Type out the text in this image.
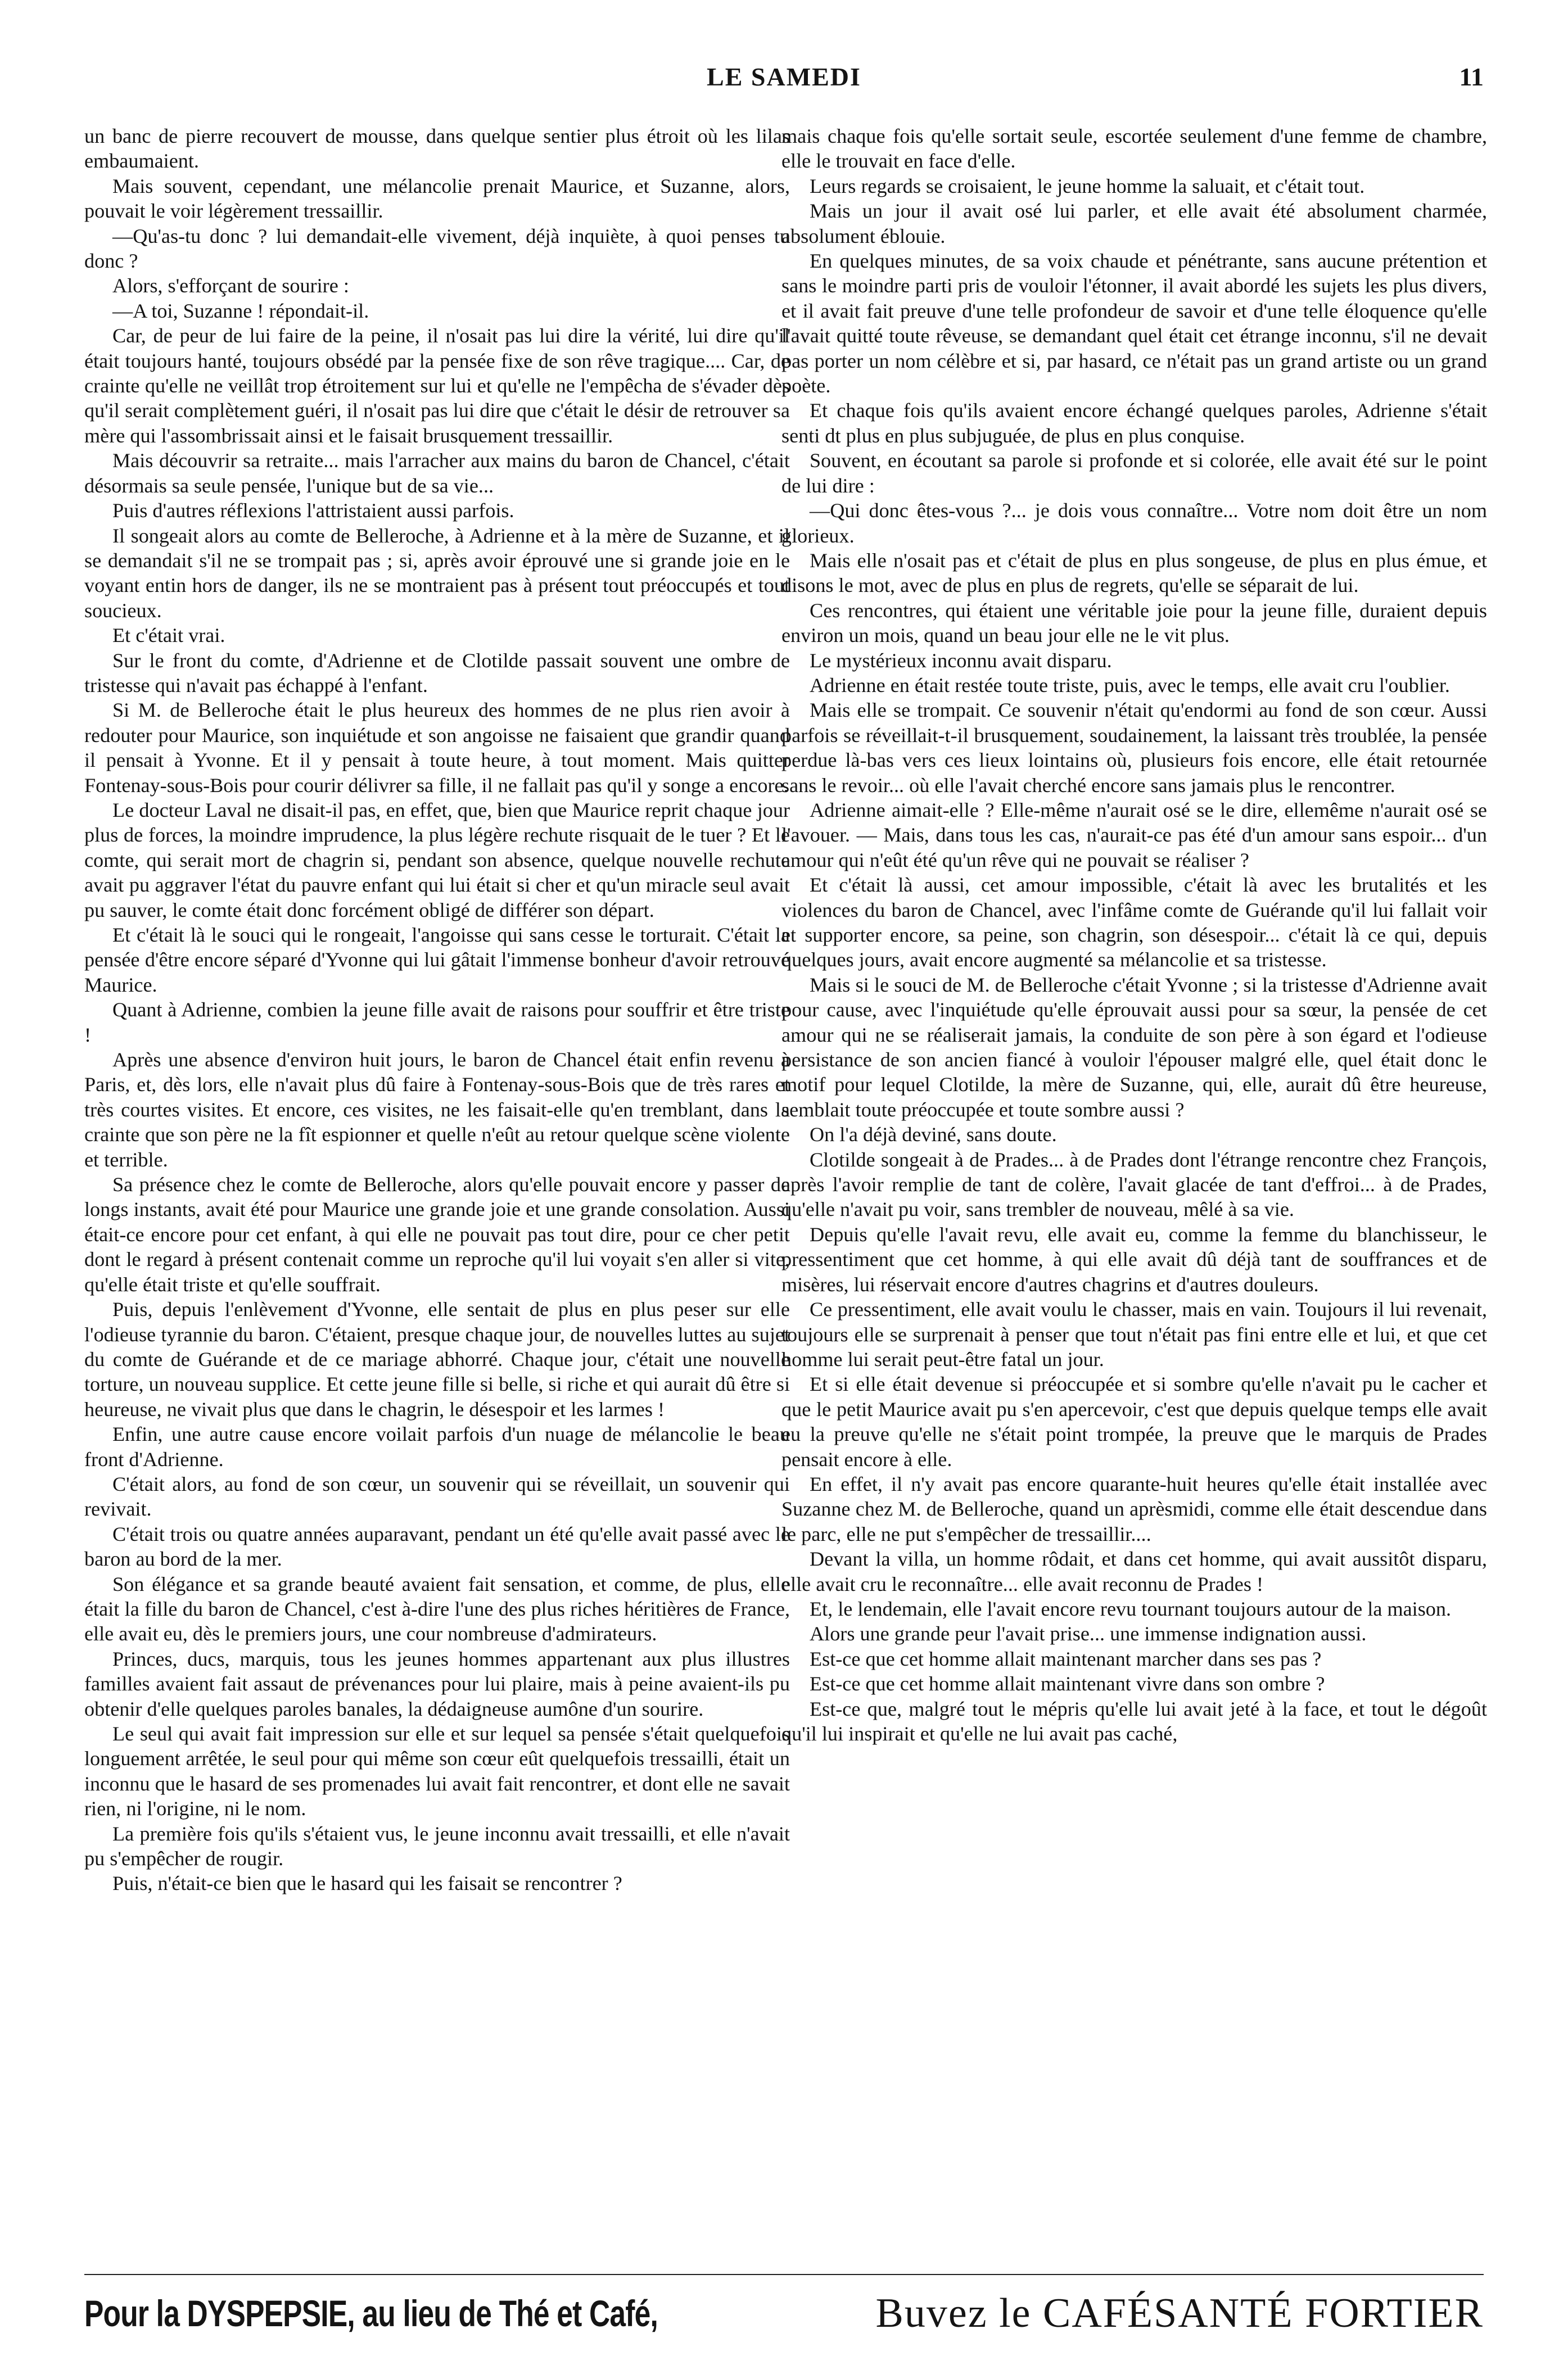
LE SAMEDI	11

un banc de pierre recouvert de mousse, dans quelque sentier plus étroit où les lilas embaumaient.

Mais souvent, cependant, une mélancolie prenait Maurice, et Suzanne, alors, pouvait le voir légèrement tressaillir.

—Qu'as-tu donc ? lui demandait-elle vivement, déjà inquiète, à quoi penses tu donc ?

Alors, s'efforçant de sourire :

—A toi, Suzanne ! répondait-il.

Car, de peur de lui faire de la peine, il n'osait pas lui dire la vérité, lui dire qu'il était toujours hanté, toujours obsédé par la pensée fixe de son rêve tragique.... Car, de crainte qu'elle ne veillât trop étroitement sur lui et qu'elle ne l'empêcha de s'évader dès qu'il serait complètement guéri, il n'osait pas lui dire que c'était le désir de retrouver sa mère qui l'assombrissait ainsi et le faisait brusquement tressaillir.

Mais découvrir sa retraite... mais l'arracher aux mains du baron de Chancel, c'était désormais sa seule pensée, l'unique but de sa vie...

Puis d'autres réflexions l'attristaient aussi parfois.

Il songeait alors au comte de Belleroche, à Adrienne et à la mère de Suzanne, et il se demandait s'il ne se trompait pas ; si, après avoir éprouvé une si grande joie en le voyant entin hors de danger, ils ne se montraient pas à présent tout préoccupés et tout soucieux.

Et c'était vrai.

Sur le front du comte, d'Adrienne et de Clotilde passait souvent une ombre de tristesse qui n'avait pas échappé à l'enfant.

Si M. de Belleroche était le plus heureux des hommes de ne plus rien avoir à redouter pour Maurice, son inquiétude et son angoisse ne faisaient que grandir quand il pensait à Yvonne. Et il y pensait à toute heure, à tout moment. Mais quitter Fontenay-sous-Bois pour courir délivrer sa fille, il ne fallait pas qu'il y songe a encore.

Le docteur Laval ne disait-il pas, en effet, que, bien que Maurice reprit chaque jour plus de forces, la moindre imprudence, la plus légère rechute risquait de le tuer ? Et le comte, qui serait mort de chagrin si, pendant son absence, quelque nouvelle rechute avait pu aggraver l'état du pauvre enfant qui lui était si cher et qu'un miracle seul avait pu sauver, le comte était donc forcément obligé de différer son départ.

Et c'était là le souci qui le rongeait, l'angoisse qui sans cesse le torturait. C'était la pensée d'être encore séparé d'Yvonne qui lui gâtait l'immense bonheur d'avoir retrouvé Maurice.

Quant à Adrienne, combien la jeune fille avait de raisons pour souffrir et être triste !

Après une absence d'environ huit jours, le baron de Chancel était enfin revenu à Paris, et, dès lors, elle n'avait plus dû faire à Fontenay-sous-Bois que de très rares et très courtes visites. Et encore, ces visites, ne les faisait-elle qu'en tremblant, dans la crainte que son père ne la fît espionner et quelle n'eût au retour quelque scène violente et terrible.

Sa présence chez le comte de Belleroche, alors qu'elle pouvait encore y passer de longs instants, avait été pour Maurice une grande joie et une grande consolation. Aussi était-ce encore pour cet enfant, à qui elle ne pouvait pas tout dire, pour ce cher petit dont le regard à présent contenait comme un reproche qu'il lui voyait s'en aller si vite, qu'elle était triste et qu'elle souffrait.

Puis, depuis l'enlèvement d'Yvonne, elle sentait de plus en plus peser sur elle l'odieuse tyrannie du baron. C'étaient, presque chaque jour, de nouvelles luttes au sujet du comte de Guérande et de ce mariage abhorré. Chaque jour, c'était une nouvelle torture, un nouveau supplice. Et cette jeune fille si belle, si riche et qui aurait dû être si heureuse, ne vivait plus que dans le chagrin, le désespoir et les larmes !

Enfin, une autre cause encore voilait parfois d'un nuage de mélancolie le beau front d'Adrienne.

C'était alors, au fond de son cœur, un souvenir qui se réveillait, un souvenir qui revivait.

C'était trois ou quatre années auparavant, pendant un été qu'elle avait passé avec le baron au bord de la mer.

Son élégance et sa grande beauté avaient fait sensation, et comme, de plus, elle était la fille du baron de Chancel, c'est à-dire l'une des plus riches héritières de France, elle avait eu, dès le premiers jours, une cour nombreuse d'admirateurs.

Princes, ducs, marquis, tous les jeunes hommes appartenant aux plus illustres familles avaient fait assaut de prévenances pour lui plaire, mais à peine avaient-ils pu obtenir d'elle quelques paroles banales, la dédaigneuse aumône d'un sourire.

Le seul qui avait fait impression sur elle et sur lequel sa pensée s'était quelquefois longuement arrêtée, le seul pour qui même son cœur eût quelquefois tressailli, était un inconnu que le hasard de ses promenades lui avait fait rencontrer, et dont elle ne savait rien, ni l'origine, ni le nom.

La première fois qu'ils s'étaient vus, le jeune inconnu avait tressailli, et elle n'avait pu s'empêcher de rougir.

Puis, n'était-ce bien que le hasard qui les faisait se rencontrer ?

mais chaque fois qu'elle sortait seule, escortée seulement d'une femme de chambre, elle le trouvait en face d'elle.

Leurs regards se croisaient, le jeune homme la saluait, et c'était tout.

Mais un jour il avait osé lui parler, et elle avait été absolument charmée, absolument éblouie.

En quelques minutes, de sa voix chaude et pénétrante, sans aucune prétention et sans le moindre parti pris de vouloir l'étonner, il avait abordé les sujets les plus divers, et il avait fait preuve d'une telle profondeur de savoir et d'une telle éloquence qu'elle l'avait quitté toute rêveuse, se demandant quel était cet étrange inconnu, s'il ne devait pas porter un nom célèbre et si, par hasard, ce n'était pas un grand artiste ou un grand poète.

Et chaque fois qu'ils avaient encore échangé quelques paroles, Adrienne s'était senti dt plus en plus subjuguée, de plus en plus conquise.

Souvent, en écoutant sa parole si profonde et si colorée, elle avait été sur le point de lui dire :

—Qui donc êtes-vous ?... je dois vous connaître... Votre nom doit être un nom glorieux.

Mais elle n'osait pas et c'était de plus en plus songeuse, de plus en plus émue, et disons le mot, avec de plus en plus de regrets, qu'elle se séparait de lui.

Ces rencontres, qui étaient une véritable joie pour la jeune fille, duraient depuis environ un mois, quand un beau jour elle ne le vit plus.

Le mystérieux inconnu avait disparu.

Adrienne en était restée toute triste, puis, avec le temps, elle avait cru l'oublier.

Mais elle se trompait. Ce souvenir n'était qu'endormi au fond de son cœur. Aussi parfois se réveillait-t-il brusquement, soudainement, la laissant très troublée, la pensée perdue là-bas vers ces lieux lointains où, plusieurs fois encore, elle était retournée sans le revoir... où elle l'avait cherché encore sans jamais plus le rencontrer.

Adrienne aimait-elle ? Elle-même n'aurait osé se le dire, ellemême n'aurait osé se l'avouer. — Mais, dans tous les cas, n'aurait-ce pas été d'un amour sans espoir... d'un amour qui n'eût été qu'un rêve qui ne pouvait se réaliser ?

Et c'était là aussi, cet amour impossible, c'était là avec les brutalités et les violences du baron de Chancel, avec l'infâme comte de Guérande qu'il lui fallait voir et supporter encore, sa peine, son chagrin, son désespoir... c'était là ce qui, depuis quelques jours, avait encore augmenté sa mélancolie et sa tristesse.

Mais si le souci de M. de Belleroche c'était Yvonne ; si la tristesse d'Adrienne avait pour cause, avec l'inquiétude qu'elle éprouvait aussi pour sa sœur, la pensée de cet amour qui ne se réaliserait jamais, la conduite de son père à son égard et l'odieuse persistance de son ancien fiancé à vouloir l'épouser malgré elle, quel était donc le motif pour lequel Clotilde, la mère de Suzanne, qui, elle, aurait dû être heureuse, semblait toute préoccupée et toute sombre aussi ?

On l'a déjà deviné, sans doute.

Clotilde songeait à de Prades... à de Prades dont l'étrange rencontre chez François, après l'avoir remplie de tant de colère, l'avait glacée de tant d'effroi... à de Prades, qu'elle n'avait pu voir, sans trembler de nouveau, mêlé à sa vie.

Depuis qu'elle l'avait revu, elle avait eu, comme la femme du blanchisseur, le pressentiment que cet homme, à qui elle avait dû déjà tant de souffrances et de misères, lui réservait encore d'autres chagrins et d'autres douleurs.

Ce pressentiment, elle avait voulu le chasser, mais en vain. Toujours il lui revenait, toujours elle se surprenait à penser que tout n'était pas fini entre elle et lui, et que cet homme lui serait peut-être fatal un jour.

Et si elle était devenue si préoccupée et si sombre qu'elle n'avait pu le cacher et que le petit Maurice avait pu s'en apercevoir, c'est que depuis quelque temps elle avait eu la preuve qu'elle ne s'était point trompée, la preuve que le marquis de Prades pensait encore à elle.

En effet, il n'y avait pas encore quarante-huit heures qu'elle était installée avec Suzanne chez M. de Belleroche, quand un aprèsmidi, comme elle était descendue dans le parc, elle ne put s'empêcher de tressaillir....

Devant la villa, un homme rôdait, et dans cet homme, qui avait aussitôt disparu, elle avait cru le reconnaître... elle avait reconnu de Prades !

Et, le lendemain, elle l'avait encore revu tournant toujours autour de la maison.

Alors une grande peur l'avait prise... une immense indignation aussi.

Est-ce que cet homme allait maintenant marcher dans ses pas ?

Est-ce que cet homme allait maintenant vivre dans son ombre ?

Est-ce que, malgré tout le mépris qu'elle lui avait jeté à la face, et tout le dégoût qu'il lui inspirait et qu'elle ne lui avait pas caché,

Pour la DYSPEPSIE, au lieu de Thé et Café,	Buvez le CAFÉSANTÉ FORTIER
